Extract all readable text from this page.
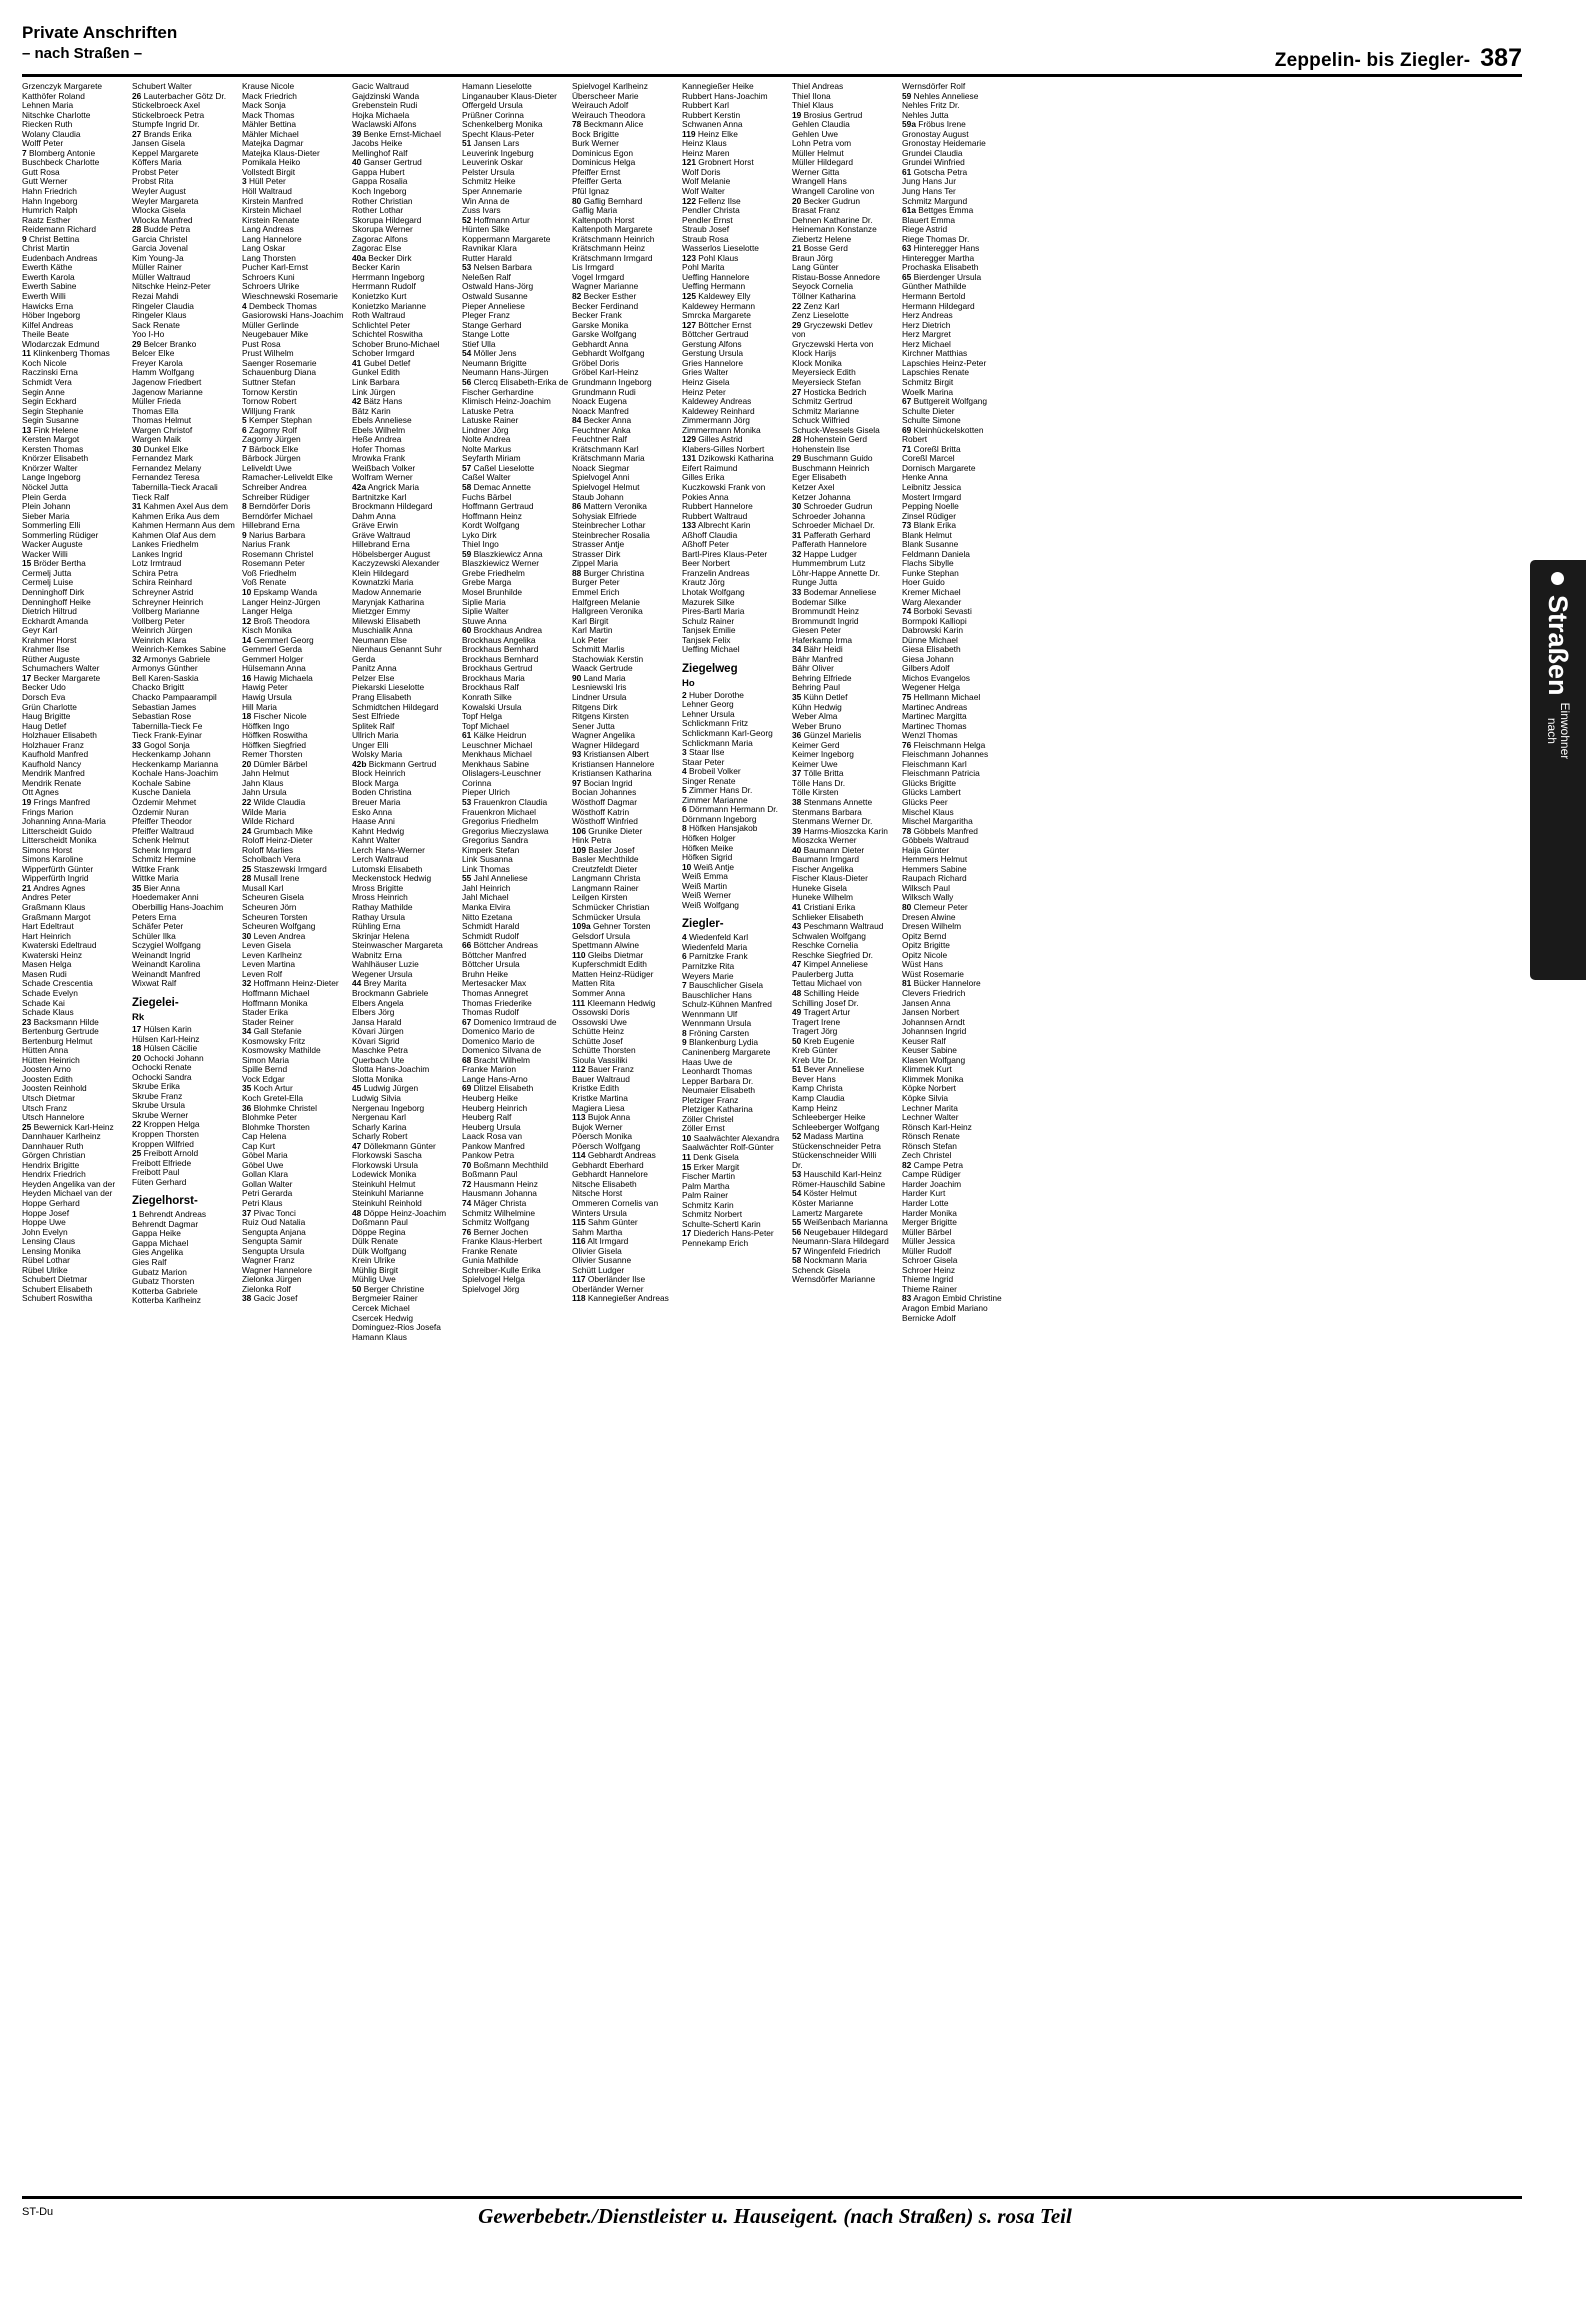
Private Anschriften
– nach Straßen –	Zeppelin- bis Ziegler- 387
Grzenczyk Margarete
Katthöfer Roland
Lehnen Maria
Nitschke Charlotte
Riecken Ruth
Wolany Claudia
Wolff Peter
7 Blomberg Antonie
Buschbeck Charlotte
Gutt Rosa
Gutt Werner
Hahn Friedrich
Hahn Ingeborg
Humrich Ralph
Raatz Esther
Reidemann Richard
9 Christ Bettina
Christ Martin
Eudenbach Andreas
Ewerth Käthe
Ewerth Karola
Ewerth Sabine
Ewerth Willi
Hawicks Erna
Höber Ingeborg
Kilfel Andreas
Theile Beate
Wlodarczak Edmund
11 Klinkenberg Thomas
Koch Nicole
Raczinski Erna
Schmidt Vera
Segin Anne
Segin Eckhard
Segin Stephanie
Segin Susanne
13 Fink Helene
Kersten Margot
Kersten Thomas
Knörzer Elisabeth
Knörzer Walter
Lange Ingeborg
Nöckel Jutta
Plein Gerda
Plein Johann
Sieber Maria
Sommerling Elli
Sommerling Rüdiger
Wacker Auguste
Wacker Willi
15 Bröder Bertha
Cermelj Jutta
Cermelj Luise
Denninghoff Dirk
Denninghoff Heike
Dietrich Hiltrud
Eckhardt Amanda
Geyr Karl
Krahmer Horst
Krahmer Ilse
Rüther Auguste
Schumachers Walter
17 Becker Margarete
Becker Udo
Dorsch Eva
Grün Charlotte
Haug Brigitte
Haug Detlef
Holzhauer Elisabeth
Holzhauer Franz
Kaufhold Manfred
Kaufhold Nancy
Mendrik Manfred
Mendrik Renate
Ott Agnes
19 Frings Manfred
Frings Marion
Johanning Anna-Maria
Litterscheidt Guido
Litterscheidt Monika
Simons Horst
Simons Karoline
Wipperfürth Günter
Wipperfürth Ingrid
21 Andres Agnes
Andres Peter
Graßmann Klaus
Graßmann Margot
Hart Edeltraut
Hart Heinrich
Kwaterski Edeltraud
Kwaterski Heinz
Masen Helga
Masen Rudi
Schade Crescentia
Schade Evelyn
Schade Kai
Schade Klaus
23 Backsmann Hilde
Bertenburg Gertrude
Bertenburg Helmut
Hütten Anna
Hütten Heinrich
Joosten Arno
Joosten Edith
Joosten Reinhold
Utsch Dietmar
Utsch Franz
Utsch Hannelore
25 Bewernick Karl-Heinz
Dannhauer Karlheinz
Dannhauer Ruth
Görgen Christian
Hendrix Brigitte
Hendrix Friedrich
Heyden Angelika van der
Heyden Michael van der
Hoppe Gerhard
Hoppe Josef
Hoppe Uwe
John Evelyn
Lensing Claus
Lensing Monika
Rübel Lothar
Rübel Ulrike
Schubert Dietmar
Schubert Elisabeth
Schubert Roswitha
Schubert Walter
26 Lauterbacher Götz Dr.
Stickelbroeck Axel
Stickelbroeck Petra
Stumpfe Ingrid Dr.
27 Brands Erika
Jansen Gisela
Keppel Margarete
Köffers Maria
Probst Peter
Probst Rita
Weyler August
Weyler Margareta
Wlocka Gisela
Wlocka Manfred
28 Budde Petra
Garcia Christel
Garcia Jovenal
Kim Young-Ja
Müller Rainer
Müller Waltraud
Nitschke Heinz-Peter
Rezai Mahdi
Ringeler Claudia
Ringeler Klaus
Sack Renate
Yoo I-Ho
29 Belcer Branko
Belcer Elke
Freyer Karola
Hamm Wolfgang
Jagenow Friedbert
Jagenow Marianne
Müller Frieda
Thomas Ella
Thomas Helmut
Wargen Christof
Wargen Maik
30 Dunkel Elke
Fernandez Mark
Fernandez Melany
Fernandez Teresa
Tabernilla-Tieck Aracali
Tieck Ralf
31 Kahmen Axel Aus dem
Kahmen Erika Aus dem
Kahmen Hermann Aus dem
Kahmen Olaf Aus dem
Lankes Friedhelm
Lankes Ingrid
Lotz Irmtraud
Schira Petra
Schira Reinhard
Schreyner Astrid
Schreyner Heinrich
Vollberg Marianne
Vollberg Peter
Weinrich Jürgen
Weinrich Klara
Weinrich-Kemkes Sabine
32 Armonys Gabriele
Armonys Günther
Bell Karen-Saskia
Chacko Brigitt
Chacko Pampaarampil
Sebastian James
Sebastian Rose
Tabernilla-Tieck Fe
Tieck Frank-Eyinar
33 Gogol Sonja
Heckenkamp Johann
Heckenkamp Marianna
Kochale Hans-Joachim
Kochale Sabine
Kusche Daniela
Özdemir Mehmet
Özdemir Nuran
Pfeiffer Theodor
Pfeiffer Waltraud
Schenk Helmut
Schenk Irmgard
Schmitz Hermine
Wittke Frank
Wittke Maria
35 Bier Anna
Hoedemaker Anni
Oberbillig Hans-Joachim
Peters Erna
Schäfer Peter
Schüler Ilka
Sczygiel Wolfgang
Weinandt Ingrid
Weinandt Karolina
Weinandt Manfred
Wixwat Ralf
Ziegelei-
Rk
17 Hülsen Karin
Hülsen Karl-Heinz
18 Hülsen Cäcilie
20 Ochocki Johann
Ochocki Renate
Ochocki Sandra
Skrube Erika
Skrube Franz
Skrube Ursula
Skrube Werner
22 Kroppen Helga
Kroppen Thorsten
Kroppen Wilfried
25 Freibott Arnold
Freibott Elfriede
Freibott Paul
Füten Gerhard
Ziegelhorst-
1 Behrendt Andreas
Behrendt Dagmar
Gappa Heike
Gappa Michael
Gies Angelika
Gies Ralf
Gubatz Marion
Gubatz Thorsten
Kotterba Gabriele
Kotterba Karlheinz
Krause Nicole
Mack Friedrich
Mack Sonja
Mack Thomas
Mähler Bettina
Mähler Michael
Matejka Dagmar
Matejka Klaus-Dieter
Pomikala Heiko
Vollstedt Birgit
3 Hüll Peter
Höll Waltraud
Kirstein Manfred
Kirstein Michael
Kirstein Renate
Lang Andreas
Lang Hannelore
Lang Oskar
Lang Thorsten
Pucher Karl-Ernst
Schroers Kuni
Schroers Ulrike
Wieschnewski Rosemarie
4 Dembeck Thomas
Gasiorowski Hans-Joachim
Müller Gerlinde
Neugebauer Mike
Pust Rosa
Prust Wilhelm
Saenger Rosemarie
Schauenburg Diana
Suttner Stefan
Tornow Kerstin
Tornow Robert
Willjung Frank
5 Kemper Stephan
6 Zagorny Rolf
Zagorny Jürgen
7 Bärbock Elke
Bärbock Jürgen
Leliveldt Uwe
Ramacher-Leliveldt Elke
Schreiber Andrea
Schreiber Rüdiger
8 Berndörfer Doris
Berndörfer Michael
Hillebrand Erna
9 Narius Barbara
Narius Frank
Rosemann Christel
Rosemann Peter
Voß Friedhelm
Voß Renate
10 Epskamp Wanda
Langer Heinz-Jürgen
Langer Helga
12 Broß Theodora
Kisch Monika
14 Gemmerl Georg
Gemmerl Gerda
Gemmerl Holger
Hülsemann Anna
16 Hawig Michaela
Hawig Peter
Hawig Ursula
Hill Maria
18 Fischer Nicole
Höffken Ingo
Höffken Roswitha
Höffken Siegfried
Remer Thorsten
20 Dümler Bärbel
Jahn Helmut
Jahn Klaus
Jahn Ursula
22 Wilde Claudia
Wilde Maria
Wilde Richard
24 Grumbach Mike
Roloff Heinz-Dieter
Roloff Marlies
Scholbach Vera
25 Staszewski Irmgard
28 Musall Irene
Musall Karl
Scheuren Gisela
Scheuren Jörn
Scheuren Torsten
Scheuren Wolfgang
30 Leven Andrea
Leven Gisela
Leven Karlheinz
Leven Martina
Leven Rolf
32 Hoffmann Heinz-Dieter
Hoffmann Michael
Hoffmann Monika
Stader Erika
Stader Reiner
34 Gall Stefanie
Kosmowsky Fritz
Kosmowsky Mathilde
Simon Maria
Spille Bernd
Vock Edgar
35 Koch Artur
Koch Gretel-Ella
36 Blohmke Christel
Blohmke Peter
Blohmke Thorsten
Cap Helena
Cap Kurt
Göbel Maria
Göbel Uwe
Gollan Klara
Gollan Walter
Petri Gerarda
Petri Klaus
37 Pivac Tonci
Ruiz Oud Natalia
Sengupta Anjana
Sengupta Samir
Sengupta Ursula
Wagner Franz
Wagner Hannelore
Zielonka Jürgen
Zielonka Rolf
38 Gacic Josef
Gacic Waltraud
Gajdzinski Wanda
Grebenstein Rudi
Hojka Michaela
Waclawski Alfons
39 Benke Ernst-Michael
Jacobs Heike
Mellinghof Ralf
40 Ganser Gertrud
Gappa Hubert
Gappa Rosalia
Koch Ingeborg
Rother Christian
Rother Lothar
Skorupa Hildegard
Skorupa Werner
Zagorac Alfons
Zagorac Else
40a Becker Dirk
Becker Karin
Herrmann Ingeborg
Herrmann Rudolf
Konietzko Kurt
Konietzko Marianne
Roth Waltraud
Schlichtel Peter
Schichtel Roswitha
Schober Bruno-Michael
Schober Irmgard
41 Gubel Detlef
Gunkel Edith
Link Barbara
Link Jürgen
42 Bätz Hans
Bätz Karin
Ebels Anneliese
Ebels Wilhelm
Heße Andrea
Hofer Thomas
Mrowka Frank
Weißbach Volker
Wolfram Werner
42a Angrick Maria
Bartnitzke Karl
Brockmann Hildegard
Dahm Anna
Gräve Erwin
Gräve Waltraud
Hillebrand Erna
Höbelsberger August
Kaczyzewski Alexander
Klein Hildegard
Kownatzki Maria
Madow Annemarie
Marynjak Katharina
Mietzger Emmy
Milewski Elisabeth
Muschialik Anna
Neumann Else
Nienhaus Genannt Suhr Gerda
Panitz Anna
Pelzer Else
Piekarski Lieselotte
Prang Elisabeth
Schmidtchen Hildegard
Sest Elfriede
Splitek Ralf
Ullrich Maria
Unger Elli
Wolsky Maria
42b Bickmann Gertrud
Block Heinrich
Block Marga
Boden Christina
Breuer Maria
Esko Anna
Haase Anni
Kahnt Hedwig
Kahnt Walter
Lerch Hans-Werner
Lerch Waltraud
Lutomski Elisabeth
Meckenstock Hedwig
Mross Brigitte
Mross Heinrich
Rathay Mathilde
Rathay Ursula
Rühling Erna
Skrinjar Helena
Steinwascher Margareta
Wabnitz Erna
Wahlhäuser Luzie
Wegener Ursula
44 Brey Marita
Brockmann Gabriele
Elbers Angela
Elbers Jörg
Jansa Harald
Kövari Jürgen
Kövari Sigrid
Maschke Petra
Querbach Ute
Slotta Hans-Joachim
Slotta Monika
45 Ludwig Jürgen
Ludwig Silvia
Nergenau Ingeborg
Nergenau Karl
Scharly Karina
Scharly Robert
47 Döllekmann Günter
Florkowski Sascha
Florkowski Ursula
Lodewick Monika
Steinkuhl Helmut
Steinkuhl Marianne
Steinkuhl Reinhold
48 Döppe Heinz-Joachim
Doßmann Paul
Döppe Regina
Dülk Renate
Dülk Wolfgang
Krein Ulrike
Mühlig Birgit
Mühlig Uwe
50 Berger Christine
Bergmeier Rainer
Cercek Michael
Csercek Hedwig
Dominguez-Rios Josefa
Hamann Klaus
Hamann Lieselotte
Linganauber Klaus-Dieter
Offergeld Ursula
Prüßner Corinna
Schenkelberg Monika
Specht Klaus-Peter
51 Jansen Lars
Leuverink Ingeburg
Leuverink Oskar
Pelster Ursula
Schmitz Heike
Sper Annemarie
Win Anna de
Zuss Ivars
52 Hoffmann Artur
Hünten Silke
Koppermann Margarete
Ravnikar Klara
Rutter Harald
53 Nelsen Barbara
Neleßen Ralf
Ostwald Hans-Jörg
Ostwald Susanne
Pieper Anneliese
Pleger Franz
Stange Gerhard
Stange Lotte
Stief Ulla
54 Möller Jens
Neumann Brigitte
Neumann Hans-Jürgen
56 Clercq Elisabeth-Erika de
Fischer Gerhardine
Klimisch Heinz-Joachim
Latuske Petra
Latuske Rainer
Lindner Jörg
Nolte Andrea
Nolte Markus
Seyfarth Miriam
57 Caßel Lieselotte
Caßel Walter
58 Demac Annette
Fuchs Bärbel
Hoffmann Gertraud
Hoffmann Heinz
Kordt Wolfgang
Lyko Dirk
Thiel Ingo
59 Blaszkiewicz Anna
Blaszkiewicz Werner
Grebe Friedhelm
Grebe Marga
Mosel Brunhilde
Siplie Maria
Siplie Walter
Stuwe Anna
60 Brockhaus Andrea
Brockhaus Angelika
Brockhaus Bernhard
Brockhaus Bernhard
Brockhaus Gertrud
Brockhaus Maria
Brockhaus Ralf
Konrath Silke
Kowalski Ursula
Topf Helga
Topf Michael
61 Kälke Heidrun
Leuschner Michael
Menkhaus Michael
Menkhaus Sabine
Olislagers-Leuschner Corinna
Pieper Ulrich
53 Frauenkron Claudia
Frauenkron Michael
Gregorius Friedhelm
Gregorius Mieczyslawa
Gregorius Sandra
Kimperk Stefan
Link Susanna
Link Thomas
55 Jahl Anneliese
Jahl Heinrich
Jahl Michael
Manka Elvira
Nitto Ezetana
Schmidt Harald
Schmidt Rudolf
66 Böttcher Andreas
Böttcher Manfred
Böttcher Ursula
Bruhn Heike
Mertesacker Max
Thomas Annegret
Thomas Friederike
Thomas Rudolf
67 Domenico Irmtraud de
Domenico Mario de
Domenico Mario de
Domenico Silvana de
68 Bracht Wilhelm
Franke Marion
Lange Hans-Arno
69 Dlitzel Elisabeth
Heuberg Heike
Heuberg Heinrich
Heuberg Ralf
Heuberg Ursula
Laack Rosa van
Pankow Manfred
Pankow Petra
70 Boßmann Mechthild
Boßmann Paul
72 Hausmann Heinz
Hausmann Johanna
74 Mäger Christa
Schmitz Wilhelmine
Schmitz Wolfgang
76 Berner Jochen
Franke Klaus-Herbert
Franke Renate
Gunia Mathilde
Schreiber-Kulle Erika
Spielvogel Helga
Spielvogel Jörg
Spielvogel Karlheinz
Überscheer Marie
Weirauch Adolf
Weirauch Theodora
78 Beckmann Alice
Bock Brigitte
Burk Werner
Dominicus Egon
Dominicus Helga
Pfeiffer Ernst
Pfeiffer Gerta
Pfül Ignaz
80 Gaflig Bernhard
Gaflig Maria
Kaltenpoth Horst
Kaltenpoth Margarete
Krätschmann Heinrich
Krätschmann Heinz
Krätschmann Irmgard
Lis Irmgard
Vogel Irmgard
Wagner Marianne
82 Becker Esther
Becker Ferdinand
Becker Frank
Garske Monika
Garske Wolfgang
Gebhardt Anna
Gebhardt Wolfgang
Gröbel Doris
Gröbel Karl-Heinz
Grundmann Ingeborg
Grundmann Rudi
Noack Eugena
Noack Manfred
84 Becker Anna
Feuchtner Anka
Feuchtner Ralf
Krätschmann Karl
Krätschmann Maria
Noack Siegmar
Spielvogel Anni
Spielvogel Helmut
Staub Johann
86 Mattern Veronika
Sohysiak Elfriede
Steinbrecher Lothar
Steinbrecher Rosalia
Strasser Antje
Strasser Dirk
Zippel Maria
88 Burger Christina
Burger Peter
Emmel Erich
Halfgreen Melanie
Hallgreen Veronika
Karl Birgit
Karl Martin
Lok Peter
Schmitt Marlis
Stachowiak Kerstin
Waack Gertrude
90 Land Maria
Lesniewski Iris
Lindner Ursula
Ritgens Dirk
Ritgens Kirsten
Sener Jutta
Wagner Angelika
Wagner Hildegard
93 Kristiansen Albert
Kristiansen Hannelore
Kristiansen Katharina
97 Bocian Ingrid
Bocian Johannes
Wösthoff Dagmar
Wösthoff Katrin
Wösthoff Winfried
106 Grunike Dieter
Hink Petra
109 Basler Josef
Basler Mechthilde
Creutzfeldt Dieter
Langmann Christa
Langmann Rainer
Leilgen Kirsten
Schmücker Christian
Schmücker Ursula
109a Gehner Torsten
Gelsdorf Ursula
Spettmann Alwine
110 Gleibs Dietmar
Kupferschmidt Edith
Matten Heinz-Rüdiger
Matten Rita
Sommer Anna
111 Kleemann Hedwig
Ossowski Doris
Ossowski Uwe
Schütte Heinz
Schütte Josef
Schütte Thorsten
Sioula Vassiliki
112 Bauer Franz
Bauer Waltraud
Kristke Edith
Kristke Martina
Magiera Liesa
113 Bujok Anna
Bujok Werner
Pöersch Monika
Pöersch Wolfgang
114 Gebhardt Andreas
Gebhardt Eberhard
Gebhardt Hannelore
Nitsche Elisabeth
Nitsche Horst
Ommeren Cornelis van
Winters Ursula
115 Sahm Günter
Sahm Martha
116 Alt Irmgard
Olivier Gisela
Olivier Susanne
Schütt Ludger
117 Oberländer Ilse
Oberländer Werner
118 Kannegießer Andreas
Kannegießer Heike
Rubbert Hans-Joachim
Rubbert Karl
Rubbert Kerstin
Schwanen Anna
119 Heinz Elke
Heinz Klaus
Heinz Maren
121 Grobnert Horst
Wolf Doris
Wolf Melanie
Wolf Walter
122 Fellenz Ilse
Pendler Christa
Pendler Ernst
Straub Josef
Straub Rosa
Wasserlos Lieselotte
123 Pohl Klaus
Pohl Marita
Ueffing Hannelore
Ueffing Hermann
125 Kaldewey Elly
Kaldewey Hermann
Smrcka Margarete
127 Böttcher Ernst
Böttcher Gertraud
Gerstung Alfons
Gerstung Ursula
Gries Hannelore
Gries Walter
Heinz Gisela
Heinz Peter
Kaldewey Andreas
Kaldewey Reinhard
Zimmermann Jörg
Zimmermann Monika
129 Gilles Astrid
Klabers-Gilles Norbert
131 Dzikowski Katharina
Eifert Raimund
Gilles Erika
Kuczkowski Frank von
Pokies Anna
Rubbert Hannelore
Rubbert Waltraud
133 Albrecht Karin
Aßhoff Claudia
Aßhoff Peter
Bartl-Pires Klaus-Peter
Beer Norbert
Franzelin Andreas
Krautz Jörg
Lhotak Wolfgang
Mazurek Silke
Pires-Bartl Maria
Schulz Rainer
Tanjsek Emilie
Tanjsek Felix
Ueffing Michael
Ziegelweg
Ho
2 Huber Dorothe
Lehner Georg
Lehner Ursula
Schlickmann Fritz
Schlickmann Karl-Georg
Schlickmann Maria
3 Staar Ilse
Staar Peter
4 Brobeil Volker
Singer Renate
5 Zimmer Hans Dr.
Zimmer Marianne
6 Dörnmann Hermann Dr.
Dörnmann Ingeborg
8 Höfken Hansjakob
Höfken Holger
Höfken Meike
Höfken Sigrid
10 Weiß Antje
Weiß Emma
Weiß Martin
Weiß Werner
Weiß Wolfgang
Ziegler-
4 Wiedenfeld Karl
Wiedenfeld Maria
6 Parnitzke Frank
Parnitzke Rita
Weyers Marie
7 Bauschlicher Gisela
Bauschlicher Hans
Schulz-Kühnen Manfred
Wennmann Ulf
Wennmann Ursula
8 Fröning Carsten
9 Blankenburg Lydia
Caninenberg Margarete
Haas Uwe de
Leonhardt Thomas
Lepper Barbara Dr.
Neumaier Elisabeth
Pletziger Franz
Pletziger Katharina
Zöller Christel
Zöller Ernst
10 Saalwächter Alexandra
Saalwächter Rolf-Günter
11 Denk Gisela
15 Erker Margit
Fischer Martin
Palm Martha
Palm Rainer
Schmitz Karin
Schmitz Norbert
Schulte-Schertl Karin
17 Diederich Hans-Peter
Pennekamp Erich
Thiel Andreas
Thiel Ilona
Thiel Klaus
19 Brosius Gertrud
Gehlen Claudia
Gehlen Uwe
Lohn Petra vom
Müller Helmut
Müller Hildegard
Werner Gitta
Wrangell Hans
Wrangell Caroline von
20 Becker Gudrun
Brasat Franz
Dehnen Katharine Dr.
Heinemann Konstanze
Ziebertz Helene
21 Bosse Gerd
Braun Jörg
Lang Günter
Ristau-Bosse Annedore
Seyock Cornelia
Töllner Katharina
22 Zenz Karl
Zenz Lieselotte
29 Gryczewski Detlev
von
Gryczewski Herta von
Klock Harijs
Klock Monika
Meyersieck Edith
Meyersieck Stefan
27 Hosticka Bedrich
Schmitz Gertrud
Schmitz Marianne
Schuck Wilfried
Schuck-Wessels Gisela
28 Hohenstein Gerd
Hohenstein Ilse
29 Buschmann Guido
Buschmann Heinrich
Eger Elisabeth
Ketzer Axel
Ketzer Johanna
30 Schroeder Gudrun
Schroeder Johanna
Schroeder Michael Dr.
31 Pafferath Gerhard
Pafferath Hannelore
32 Happe Ludger
Hummembrum Lutz
Löhr-Happe Annette Dr.
Runge Jutta
33 Bodemar Anneliese
Bodemar Silke
Brommundt Heinz
Brommundt Ingrid
Giesen Peter
Haferkamp Irma
34 Bähr Heidi
Bähr Manfred
Bähr Oliver
Behring Elfriede
Behring Paul
35 Kühn Detlef
Kühn Hedwig
Weber Alma
Weber Bruno
36 Günzel Marielis
Keimer Gerd
Keimer Ingeborg
Keimer Uwe
37 Tölle Britta
Tölle Hans Dr.
Tölle Kirsten
38 Stenmans Annette
Stenmans Barbara
Stenmans Werner Dr.
39 Harms-Mioszcka Karin
Mioszcka Werner
40 Baumann Dieter
Baumann Irmgard
Fischer Angelika
Fischer Klaus-Dieter
Huneke Gisela
Huneke Wilhelm
41 Cristiani Erika
Schlieker Elisabeth
43 Peschmann Waltraud
Schwalen Wolfgang
Reschke Cornelia
Reschke Siegfried Dr.
47 Kimpel Anneliese
Paulerberg Jutta
Tettau Michael von
48 Schilling Heide
Schilling Josef Dr.
49 Tragert Artur
Tragert Irene
Tragert Jörg
50 Kreb Eugenie
Kreb Günter
Kreb Ute Dr.
51 Bever Anneliese
Bever Hans
Kamp Christa
Kamp Claudia
Kamp Heinz
Schleeberger Heike
Schleeberger Wolfgang
52 Madass Martina
Stückenschneider Petra
Stückenschneider Willi
Dr.
53 Hauschild Karl-Heinz
Römer-Hauschild Sabine
54 Köster Helmut
Köster Marianne
Lamertz Margarete
55 Weißenbach Marianna
56 Neugebauer Hildegard
Neumann-Slara Hildegard
57 Wingenfeld Friedrich
58 Nockmann Maria
Schenck Gisela
Wernsdörfer Marianne
Wernsdörfer Rolf
59 Nehles Anneliese
Nehles Fritz Dr.
Nehles Jutta
59a Fröbus Irene
Gronostay August
Gronostay Heidemarie
Grundei Claudia
Grundei Winfried
61 Gotscha Petra
Jung Hans Jur
Jung Hans Ter
Schmitz Margund
61a Bettges Emma
Blauert Emma
Riege Astrid
Riege Thomas Dr.
63 Hinteregger Hans
Hinteregger Martha
Prochaska Elisabeth
65 Bierdenger Ursula
Günther Mathilde
Hermann Bertold
Hermann Hildegard
Herz Andreas
Herz Dietrich
Herz Margret
Herz Michael
Kirchner Matthias
Lapschies Heinz-Peter
Lapschies Renate
Schmitz Birgit
Woelk Marina
67 Buttgereit Wolfgang
Schulte Dieter
Schulte Simone
69 Kleinhückelskotten Robert
71 Coreßl Britta
Coreßl Marcel
Dornisch Margarete
Henke Anna
Leibnitz Jessica
Mostert Irmgard
Pepping Noelle
Zinsel Rüdiger
73 Blank Erika
Blank Helmut
Blank Susanne
Feldmann Daniela
Flachs Sibylle
Funke Stephan
Hoer Guido
Kremer Michael
Warg Alexander
74 Borboki Sevasti
Bormpoki Kalliopi
Dabrowski Karin
Dünne Michael
Giesa Elisabeth
Giesa Johann
Gilbers Adolf
Michos Evangelos
Wegener Helga
75 Hellmann Michael
Martinec Andreas
Martinec Margitta
Martinec Thomas
Wenzl Thomas
76 Fleischmann Helga
Fleischmann Johannes
Fleischmann Karl
Fleischmann Patricia
Glücks Brigitte
Glücks Lambert
Glücks Peer
Mischel Klaus
Mischel Margaritha
78 Göbbels Manfred
Göbbels Waltraud
Haija Günter
Hemmers Helmut
Hemmers Sabine
Raupach Richard
Wilksch Paul
Wilksch Wally
80 Clemeur Peter
Dresen Alwine
Dresen Wilhelm
Opitz Bernd
Opitz Brigitte
Opitz Nicole
Wüst Hans
Wüst Rosemarie
81 Bücker Hannelore
Clevers Friedrich
Jansen Anna
Jansen Norbert
Johannsen Arndt
Johannsen Ingrid
Keuser Ralf
Keuser Sabine
Klasen Wolfgang
Klimmek Kurt
Klimmek Monika
Köpke Norbert
Köpke Silvia
Lechner Marita
Lechner Walter
Rönsch Karl-Heinz
Rönsch Renate
Rönsch Stefan
Zech Christel
82 Campe Petra
Campe Rüdiger
Harder Joachim
Harder Kurt
Harder Lotte
Harder Monika
Merger Brigitte
Müller Bärbel
Müller Jessica
Müller Rudolf
Schroer Gisela
Schroer Heinz
Thieme Ingrid
Thieme Rainer
83 Aragon Embid Christine
Aragon Embid Mariano
Bernicke Adolf
Straßen
Einwohner
nach
ST-Du	Gewerbebetr./Dienstleister u. Hauseigent. (nach Straßen) s. rosa Teil
